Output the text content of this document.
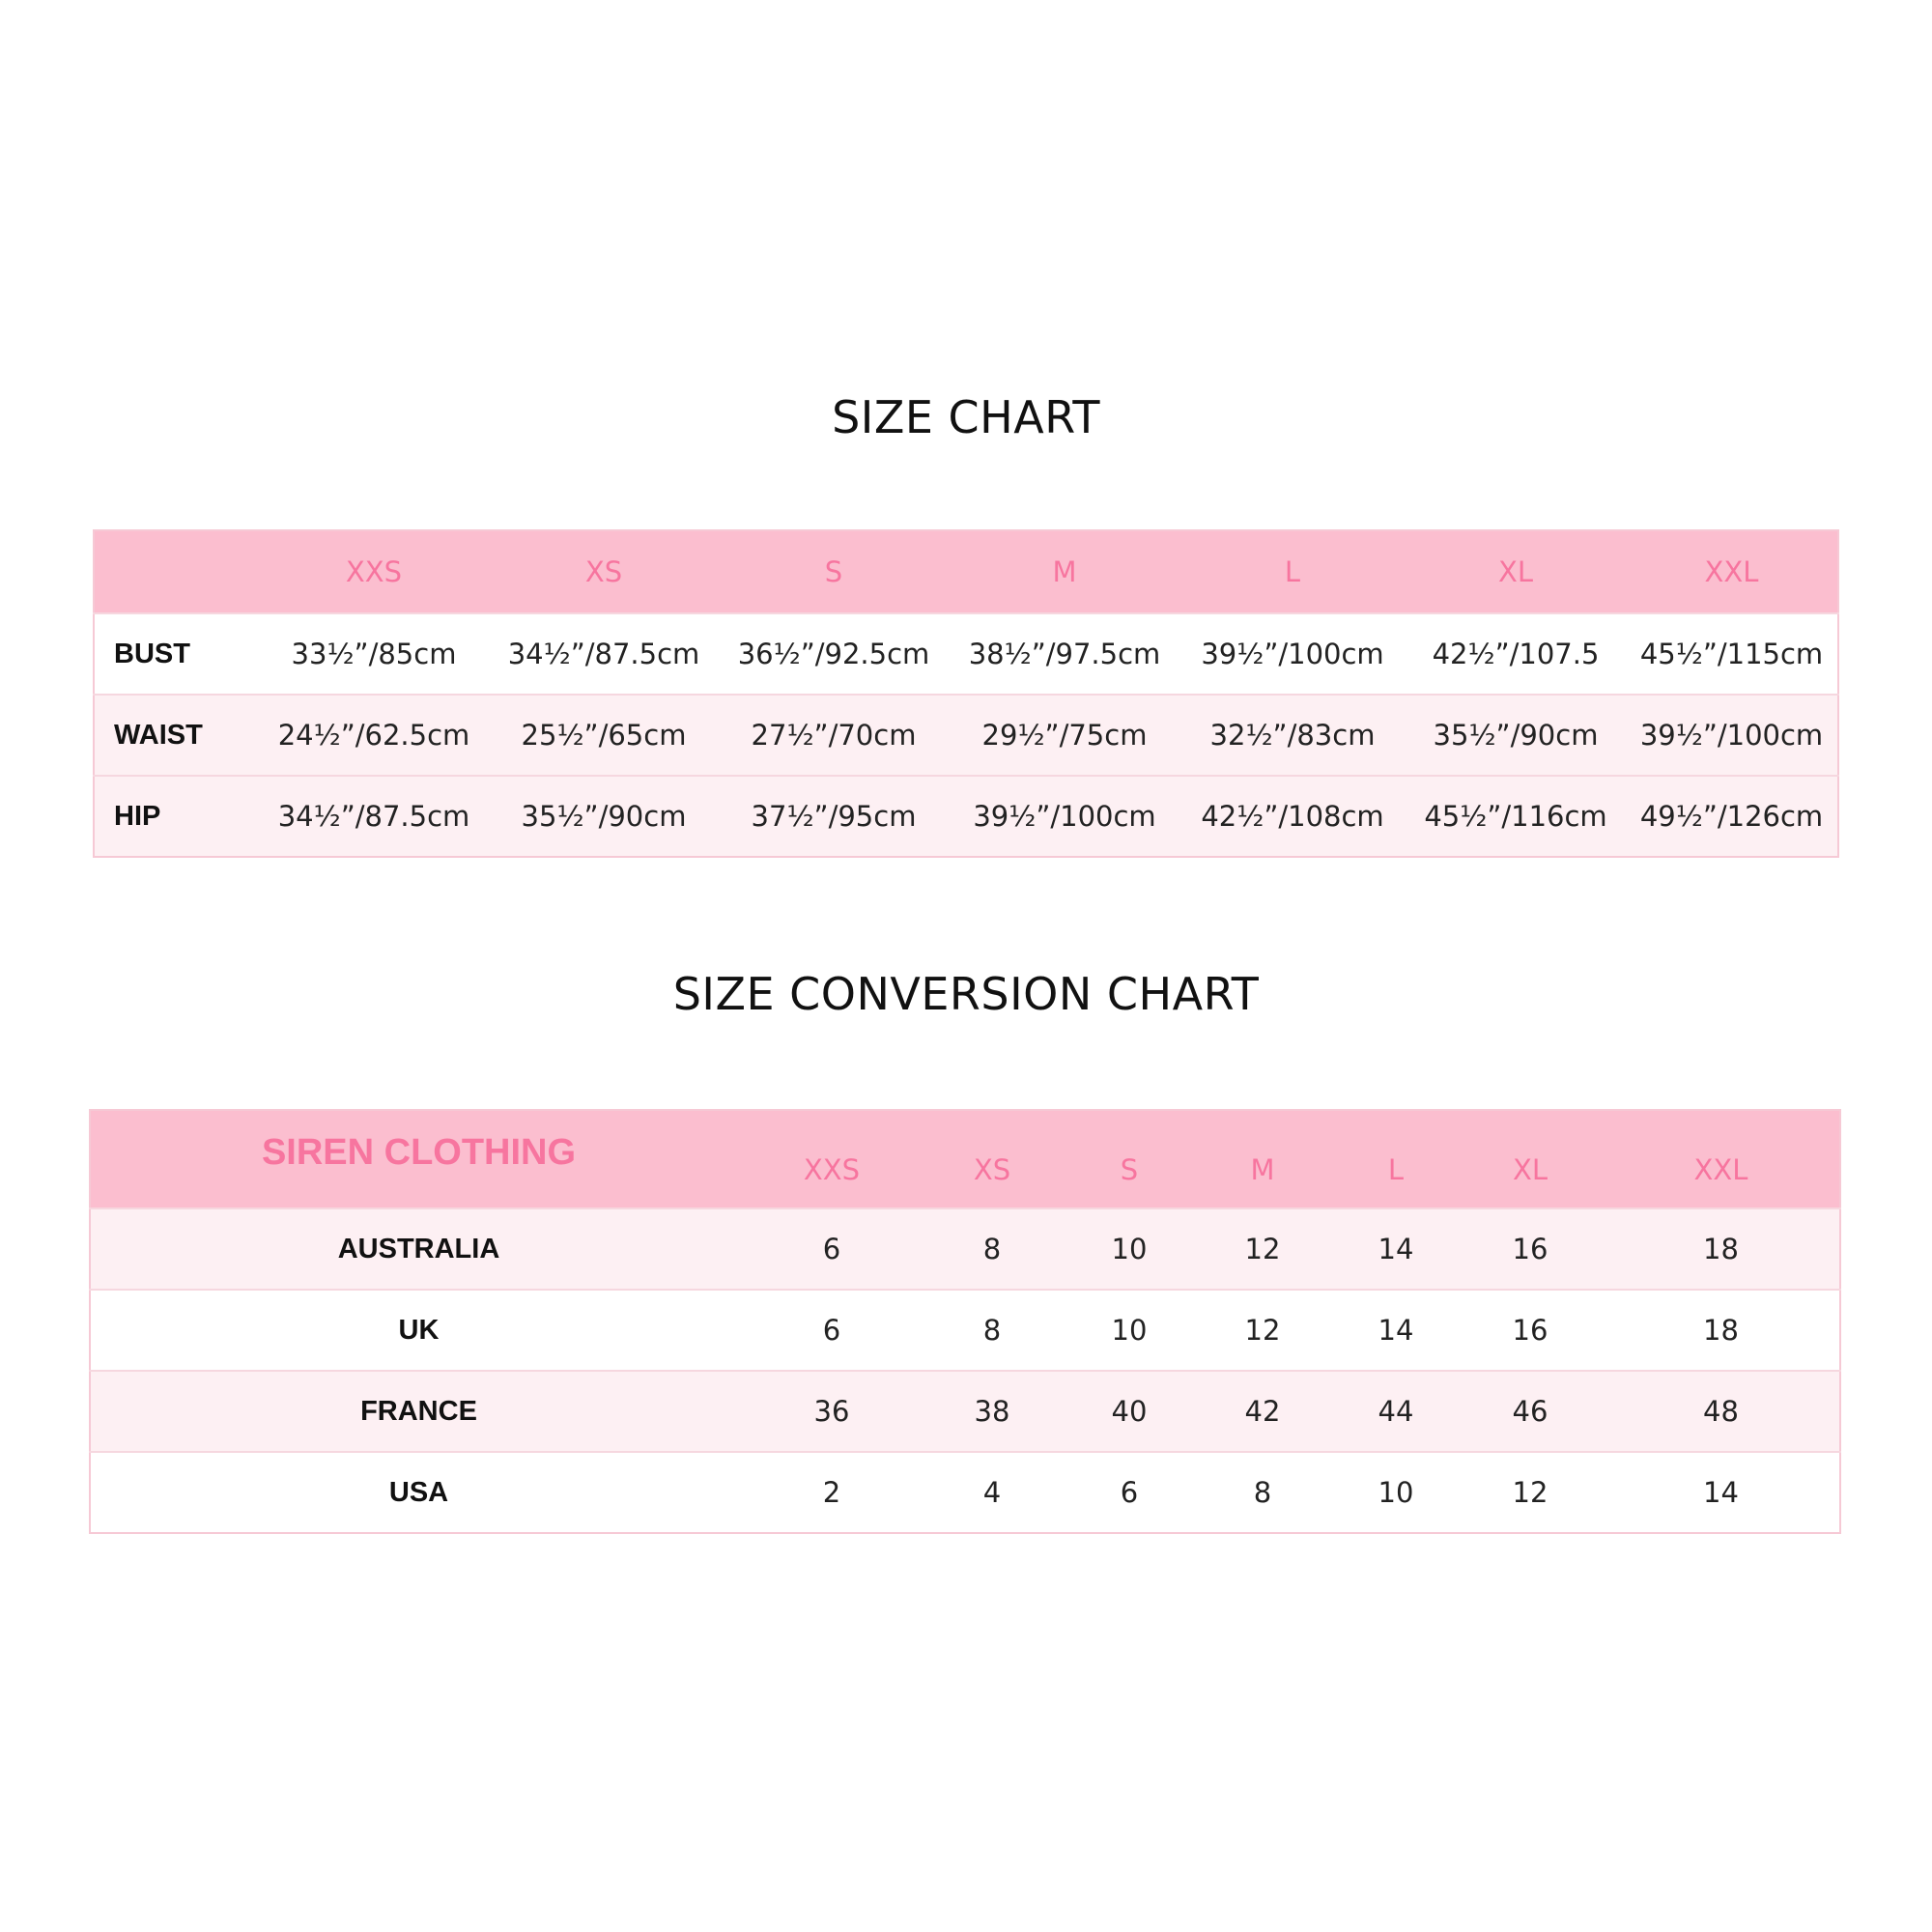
SIZE CHART
	XXS	XS	S	M	L	XL	XXL
BUST	33½”/85cm	34½”/87.5cm	36½”/92.5cm	38½”/97.5cm	39½”/100cm	42½”/107.5	45½”/115cm
WAIST	24½”/62.5cm	25½”/65cm	27½”/70cm	29½”/75cm	32½”/83cm	35½”/90cm	39½”/100cm
HIP	34½”/87.5cm	35½”/90cm	37½”/95cm	39½”/100cm	42½”/108cm	45½”/116cm	49½”/126cm
SIZE CONVERSION CHART
SIREN CLOTHING	XXS	XS	S	M	L	XL	XXL
AUSTRALIA	6	8	10	12	14	16	18
UK	6	8	10	12	14	16	18
FRANCE	36	38	40	42	44	46	48
USA	2	4	6	8	10	12	14
